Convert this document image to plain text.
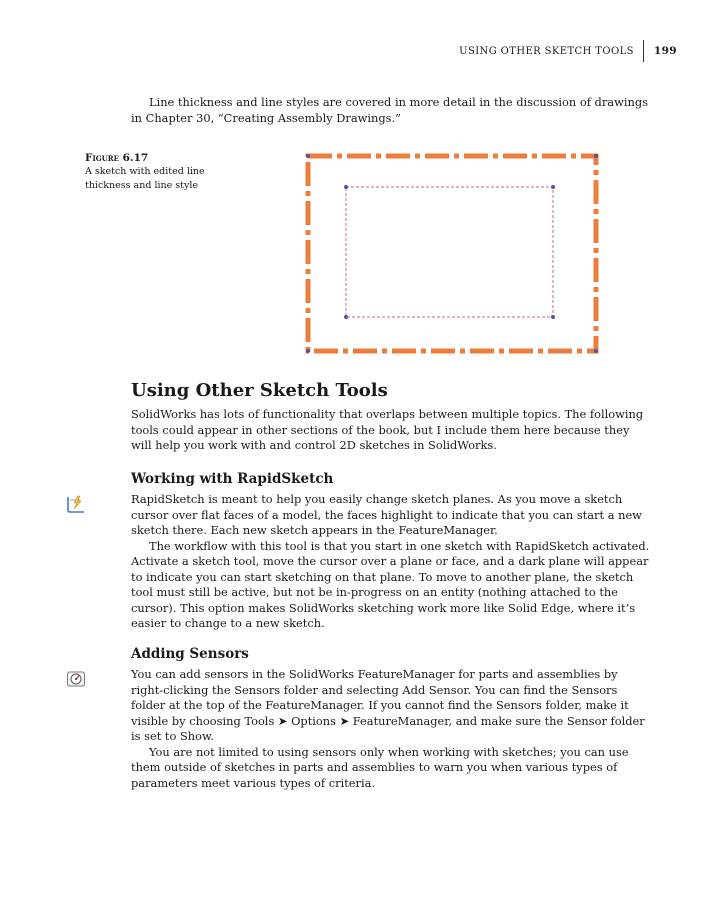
USING OTHER SKETCH TOOLS	199

Line thickness and line styles are covered in more detail in the discussion of drawings in Chapter 30, “Creating Assembly Drawings.”

Figure 6.17
A sketch with edited line thickness and line style
Using Other Sketch Tools

SolidWorks has lots of functionality that overlaps between multiple topics. The following tools could appear in other sections of the book, but I include them here because they will help you work with and control 2D sketches in SolidWorks.

Working with RapidSketch

RapidSketch is meant to help you easily change sketch planes. As you move a sketch cursor over flat faces of a model, the faces highlight to indicate that you can start a new sketch there. Each new sketch appears in the FeatureManager.

The workflow with this tool is that you start in one sketch with RapidSketch activated. Activate a sketch tool, move the cursor over a plane or face, and a dark plane will appear to indicate you can start sketching on that plane. To move to another plane, the sketch tool must still be active, but not be in-progress on an entity (nothing attached to the cursor). This option makes SolidWorks sketching work more like Solid Edge, where it’s easier to change to a new sketch.

Adding Sensors

You can add sensors in the SolidWorks FeatureManager for parts and assemblies by right-clicking the Sensors folder and selecting Add Sensor. You can find the Sensors folder at the top of the FeatureManager. If you cannot find the Sensors folder, make it visible by choosing Tools ➤ Options ➤ FeatureManager, and make sure the Sensor folder is set to Show.

You are not limited to using sensors only when working with sketches; you can use them outside of sketches in parts and assemblies to warn you when various types of parameters meet various types of criteria.
